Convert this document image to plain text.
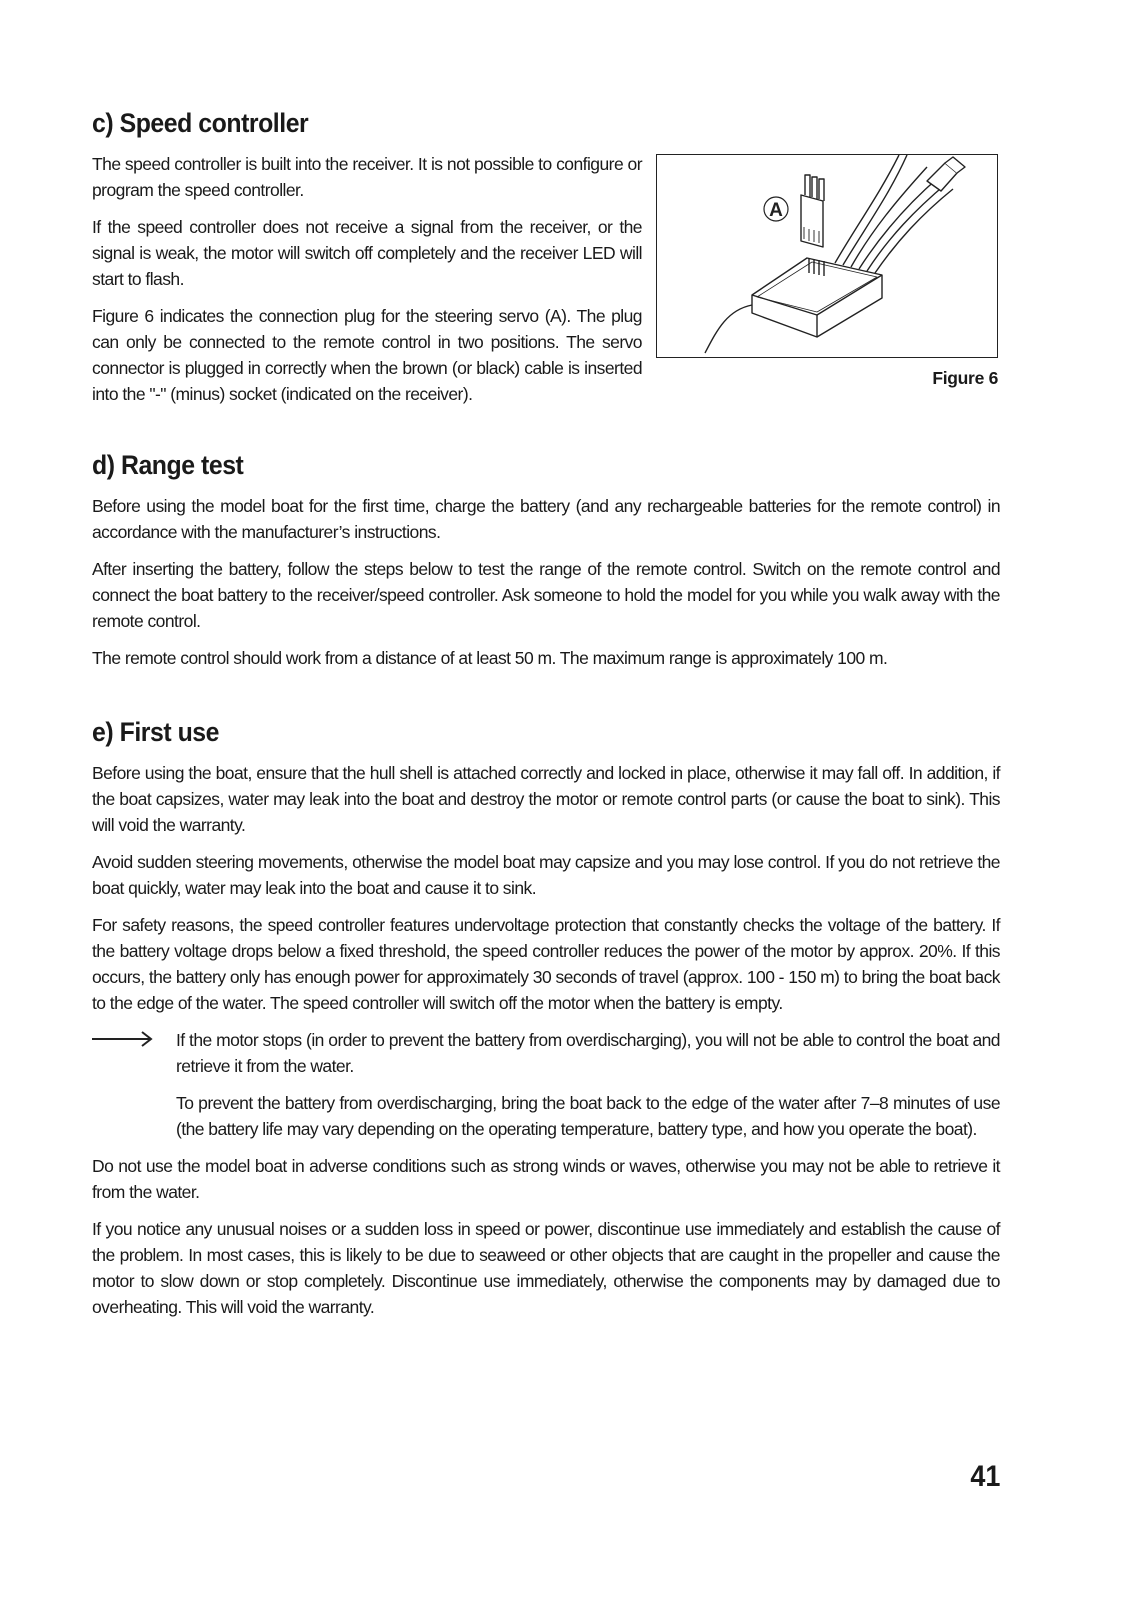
c) Speed controller

The speed controller is built into the receiver. It is not possible to configure or program the speed controller.

If the speed controller does not receive a signal from the receiver, or the signal is weak, the motor will switch off completely and the receiver LED will start to flash.

Figure 6 indicates the connection plug for the steering servo (A). The plug can only be connected to the remote control in two positions. The servo connector is plugged in correctly when the brown (or black) cable is inserted into the "-" (minus) socket (indicated on the receiver).

A
Figure 6
d) Range test

Before using the model boat for the first time, charge the battery (and any rechargeable batteries for the remote control) in accordance with the manufacturer’s instructions.

After inserting the battery, follow the steps below to test the range of the remote control. Switch on the remote control and connect the boat battery to the receiver/speed controller. Ask someone to hold the model for you while you walk away with the remote control.

The remote control should work from a distance of at least 50 m. The maximum range is approximately 100 m.

e) First use

Before using the boat, ensure that the hull shell is attached correctly and locked in place, otherwise it may fall off. In addition, if the boat capsizes, water may leak into the boat and destroy the motor or remote control parts (or cause the boat to sink). This will void the warranty.

Avoid sudden steering movements, otherwise the model boat may capsize and you may lose control. If you do not retrieve the boat quickly, water may leak into the boat and cause it to sink.

For safety reasons, the speed controller features undervoltage protection that constantly checks the voltage of the battery. If the battery voltage drops below a fixed threshold, the speed controller reduces the power of the motor by approx. 20%. If this occurs, the battery only has enough power for approximately 30 seconds of travel (approx. 100 - 150 m) to bring the boat back to the edge of the water. The speed controller will switch off the motor when the battery is empty.

If the motor stops (in order to prevent the battery from overdischarging), you will not be able to control the boat and retrieve it from the water.

To prevent the battery from overdischarging, bring the boat back to the edge of the water after 7–8 minutes of use (the battery life may vary depending on the operating temperature, battery type, and how you operate the boat).

Do not use the model boat in adverse conditions such as strong winds or waves, otherwise you may not be able to retrieve it from the water.

If you notice any unusual noises or a sudden loss in speed or power, discontinue use immediately and establish the cause of the problem. In most cases, this is likely to be due to seaweed or other objects that are caught in the propeller and cause the motor to slow down or stop completely. Discontinue use immediately, otherwise the components may by damaged due to overheating. This will void the warranty.

41
